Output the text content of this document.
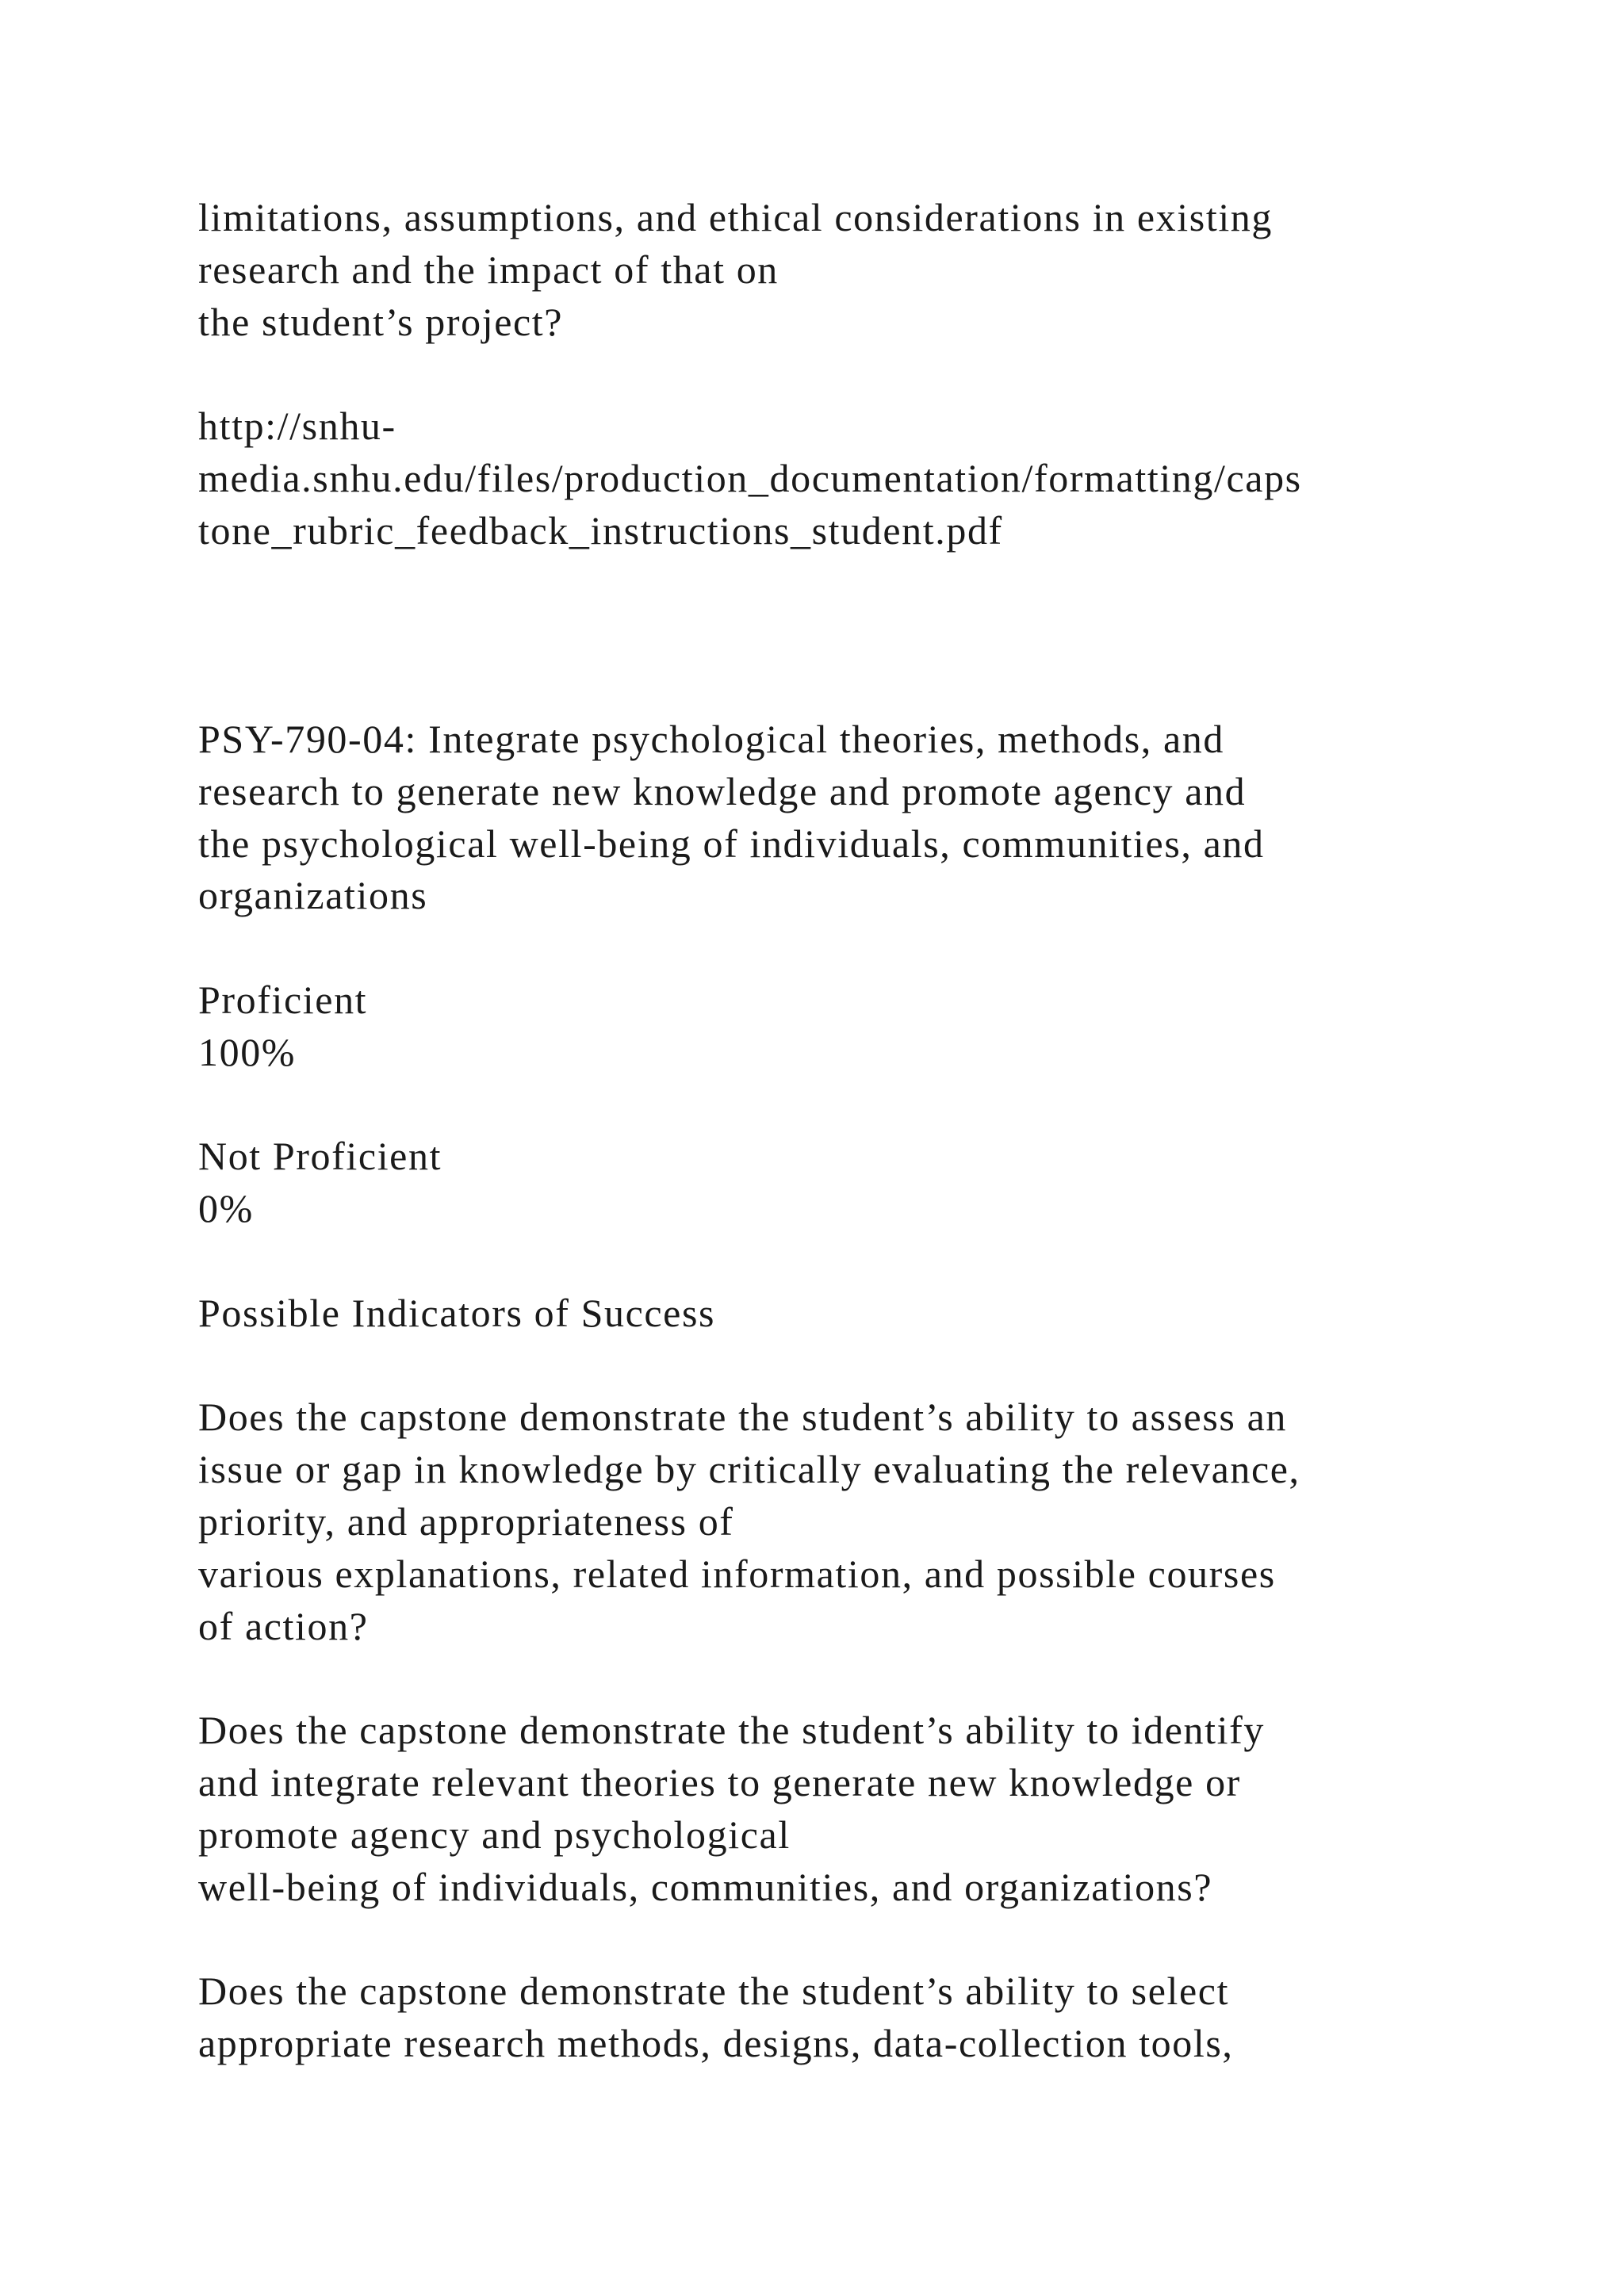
limitations, assumptions, and ethical considerations in existing
research and the impact of that on
the student’s project?
http://snhu-
media.snhu.edu/files/production_documentation/formatting/caps
tone_rubric_feedback_instructions_student.pdf
PSY-790-04: Integrate psychological theories, methods, and
research to generate new knowledge and promote agency and
the psychological well-being of individuals, communities, and
organizations
Proficient
100%
Not Proficient
0%
Possible Indicators of Success
Does the capstone demonstrate the student’s ability to assess an
issue or gap in knowledge by critically evaluating the relevance,
priority, and appropriateness of
various explanations, related information, and possible courses
of action?
Does the capstone demonstrate the student’s ability to identify
and integrate relevant theories to generate new knowledge or
promote agency and psychological
well-being of individuals, communities, and organizations?
Does the capstone demonstrate the student’s ability to select
appropriate research methods, designs, data-collection tools,
